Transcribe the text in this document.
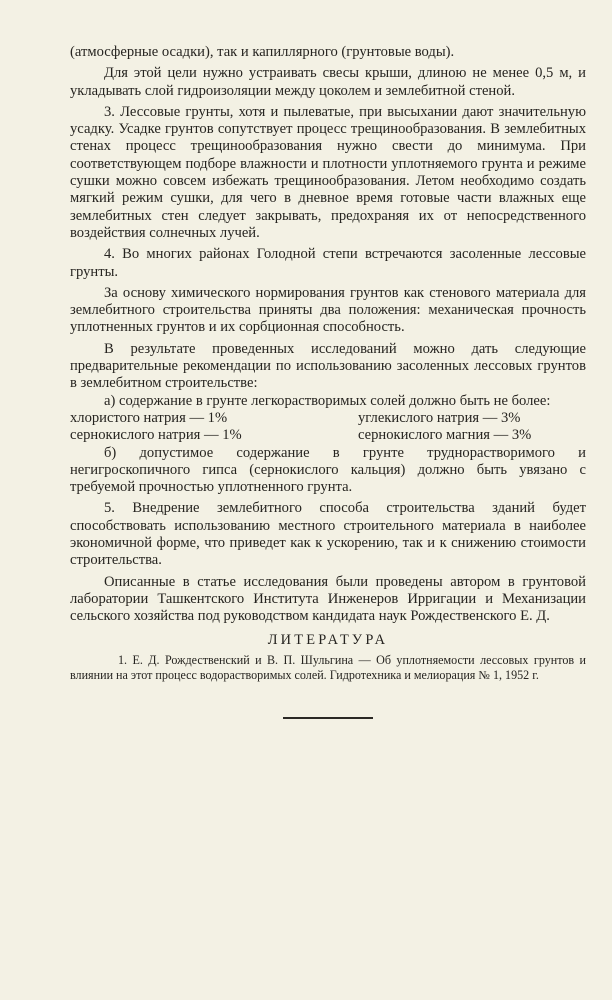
(атмосферные осадки), так и капиллярного (грунтовые воды).

Для этой цели нужно устраивать свесы крыши, длиною не менее 0,5 м, и укладывать слой гидроизоляции между цоколем и землебитной стеной.

3. Лессовые грунты, хотя и пылеватые, при высыхании дают значительную усадку. Усадке грунтов сопутствует процесс трещинообразования. В землебитных стенах процесс трещинообразования нужно свести до минимума. При соответствующем подборе влажности и плотности уплотняемого грунта и режиме сушки можно совсем избежать трещинообразования. Летом необходимо создать мягкий режим сушки, для чего в дневное время готовые части влажных еще землебитных стен следует закрывать, предохраняя их от непосредственного воздействия солнечных лучей.

4. Во многих районах Голодной степи встречаются засоленные лессовые грунты.

За основу химического нормирования грунтов как стенового материала для землебитного строительства приняты два положения: механическая прочность уплотненных грунтов и их сорбционная способность.

В результате проведенных исследований можно дать следующие предварительные рекомендации по использованию засоленных лессовых грунтов в землебитном строительстве:

а) содержание в грунте легкорастворимых солей должно быть не более:

хлористого натрия — 1%	углекислого натрия — 3%
сернокислого натрия — 1%	сернокислого магния — 3%

б) допустимое содержание в грунте труднорастворимого и негигроскопичного гипса (сернокислого кальция) должно быть увязано с требуемой прочностью уплотненного грунта.

5. Внедрение землебитного способа строительства зданий будет способствовать использованию местного строительного материала в наиболее экономичной форме, что приведет как к ускорению, так и к снижению стоимости строительства.

Описанные в статье исследования были проведены автором в грунтовой лаборатории Ташкентского Института Инженеров Ирригации и Механизации сельского хозяйства под руководством кандидата наук Рождественского Е. Д.

ЛИТЕРАТУРА

1. Е. Д. Рождественский и В. П. Шульгина — Об уплотняемости лессовых грунтов и влиянии на этот процесс водорастворимых солей. Гидротехника и мелиорация № 1, 1952 г.
